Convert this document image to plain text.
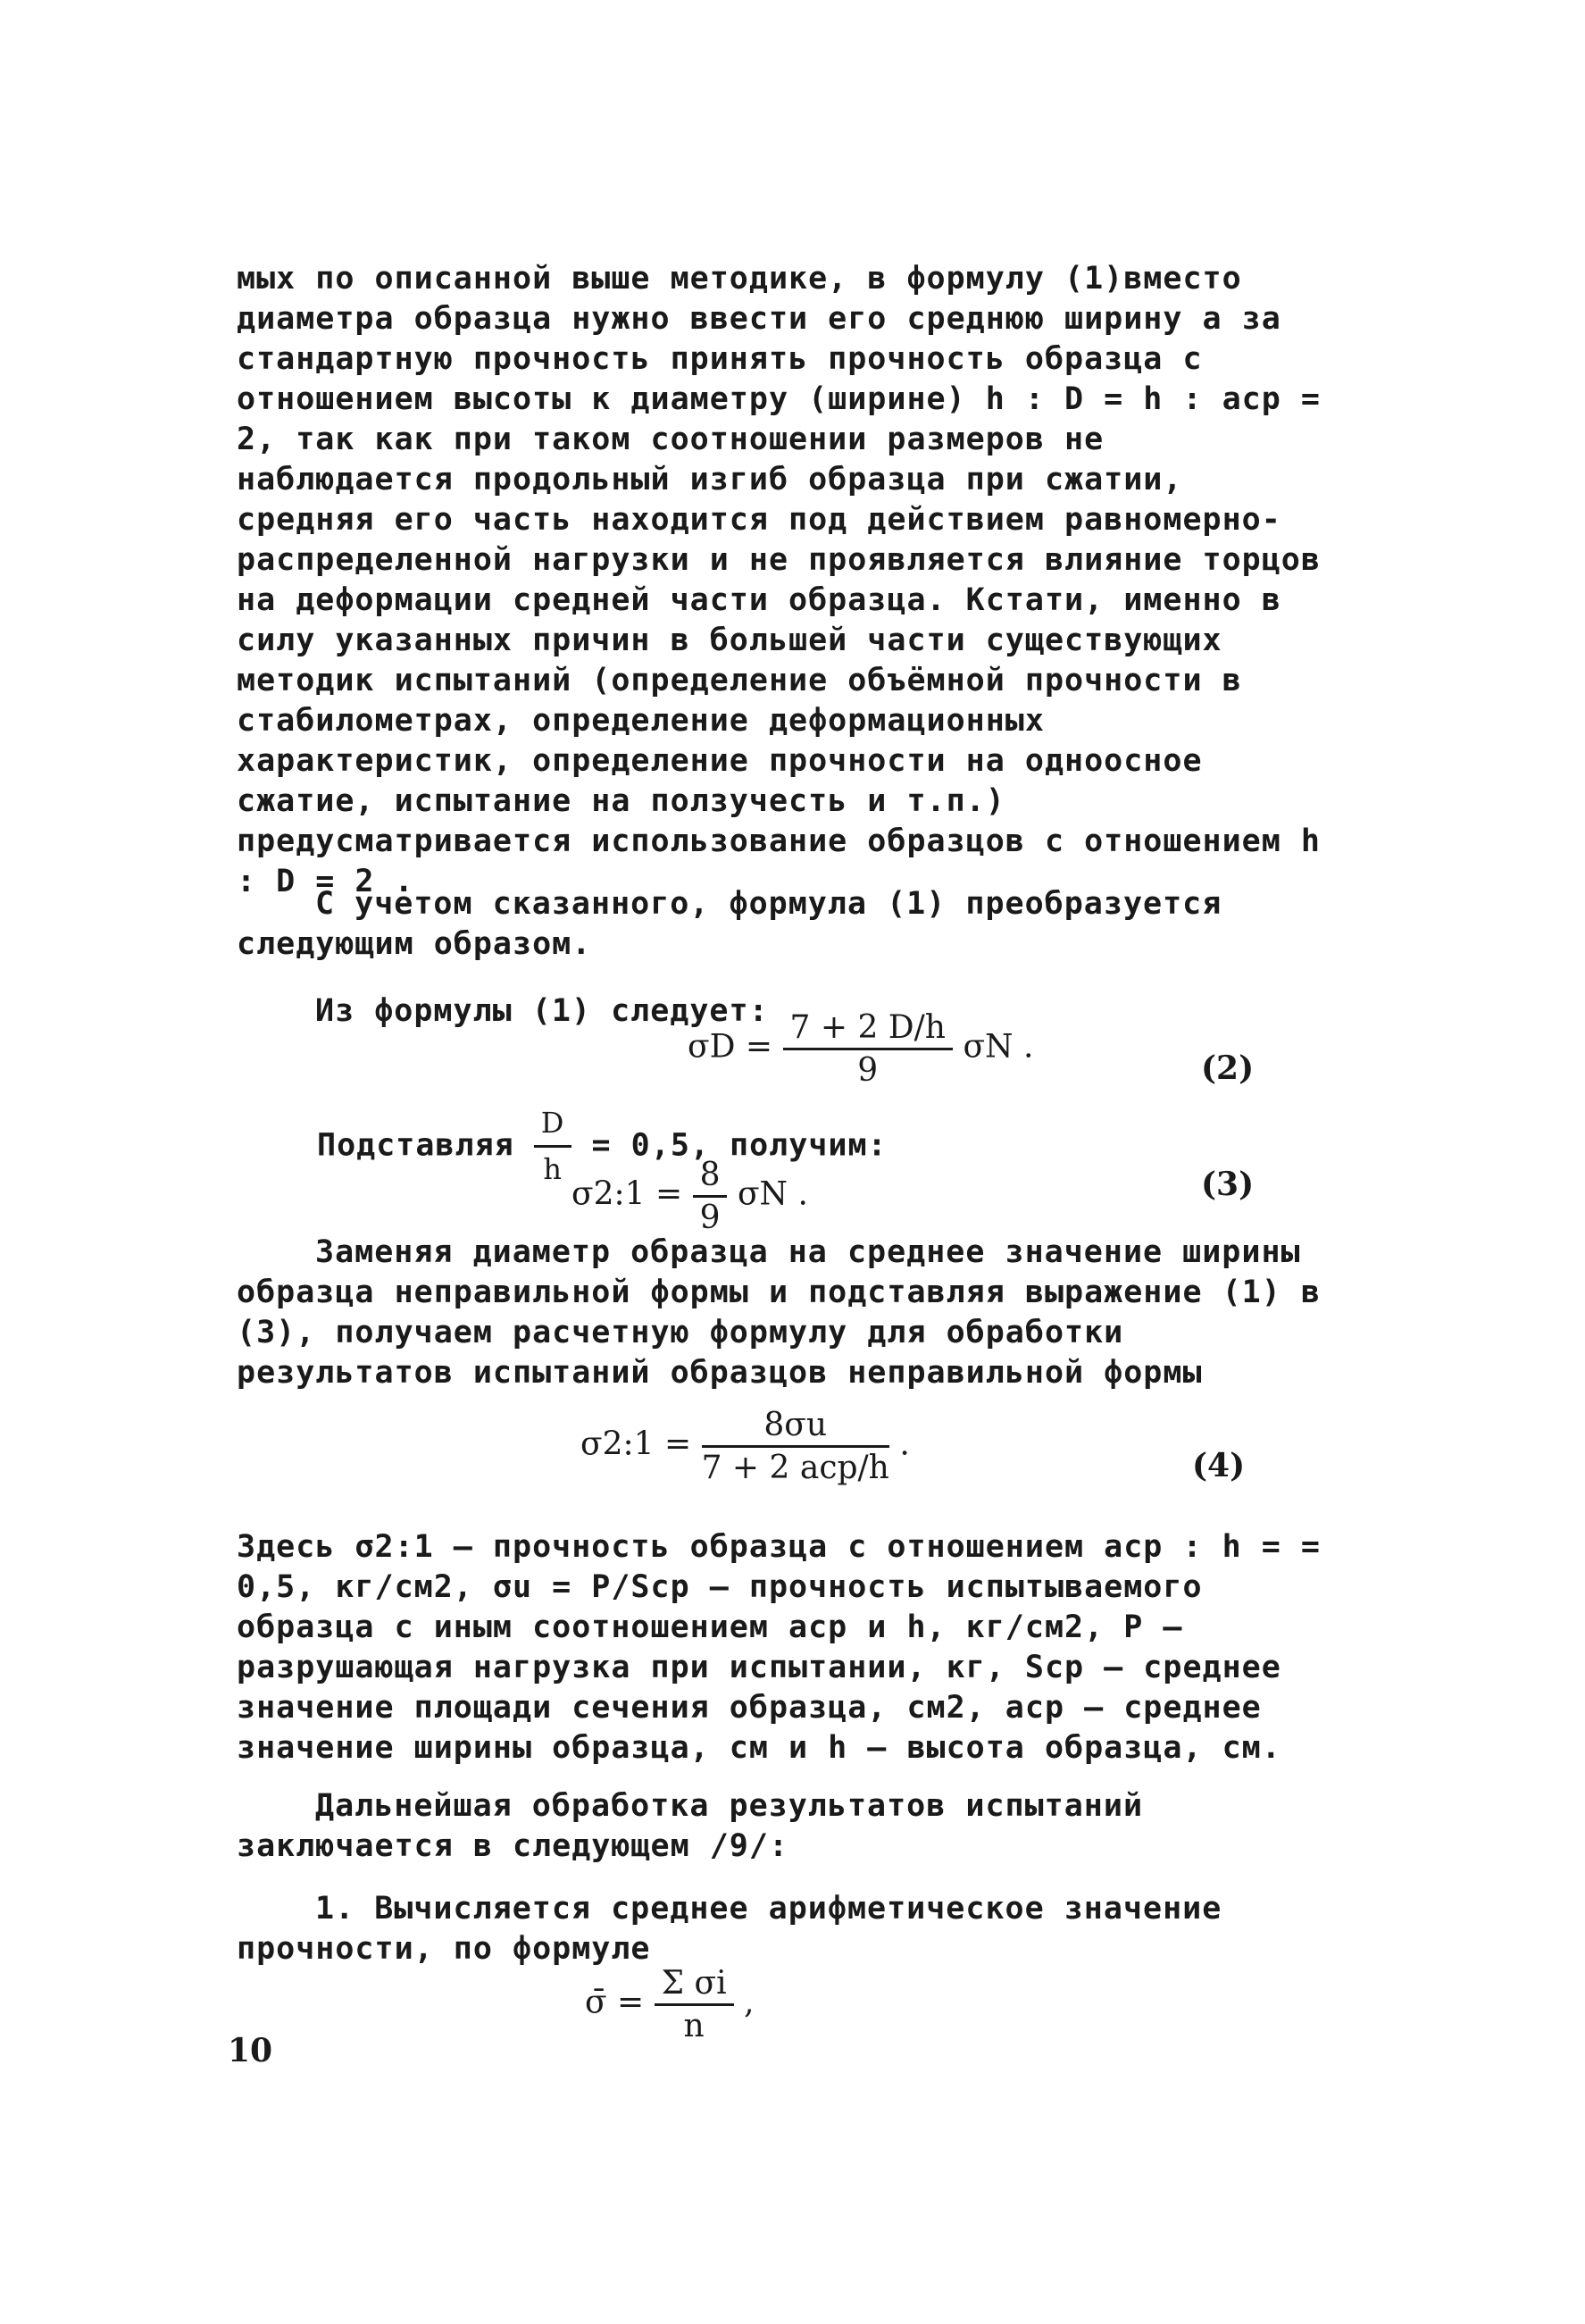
мых по описанной выше методике, в формулу (1)вместо диаметра образца нужно ввести его среднюю ширину а за стандартную прочность принять прочность образца с отношением высоты к диаметру (ширине) h : D = h : aср = 2, так как при таком соотношении размеров не наблюдается продольный изгиб образца при сжатии, средняя его часть находится под действием равномерно-распределенной нагрузки и не проявляется влияние торцов на деформации средней части образца. Кстати, именно в силу указанных причин в большей части существующих методик испытаний (определение объёмной прочности в стабилометрах, определение деформационных характеристик, определение прочности на одноосное сжатие, испытание на ползучесть и т.п.) предусматривается использование образцов с отношением h : D = 2 .

С учетом сказанного, формула (1) преобразуется следующим образом.
Из формулы (1) следует:
$\sigma D = \frac{7 + 2 D/h}{9}$ σN .
(2)
Подставляя $\frac{D}{h} = 0,5$, получим:
σ2:1 = $\frac{8}{9}$ σN .	(3)
Заменяя диаметр образца на среднее значение ширины образца неправильной формы и подставляя выражение (1) в (3), получаем расчетную формулу для обработки результатов испытаний образцов неправильной формы
σ2:1 = $\frac{8\sigma u}{\text{7 + 2 aср/h}}$ .
(4)
Здесь σ2:1 – прочность образца с отношением aср : h = = 0,5, кг/см2, σu = P/Sср – прочность испытываемого образца с иным соотношением aср и h, кг/см2, P – разрушающая нагрузка при испытании, кг, Sср – среднее значение площади сечения образца, см2, aср – среднее значение ширины образца, см и h – высота образца, см.
Дальнейшая обработка результатов испытаний заключается в следующем /9/:
1. Вычисляется среднее арифметическое значение прочности, по формуле
σ̄ = $\frac{\text{Σ σi}}{n}$ ,
10
